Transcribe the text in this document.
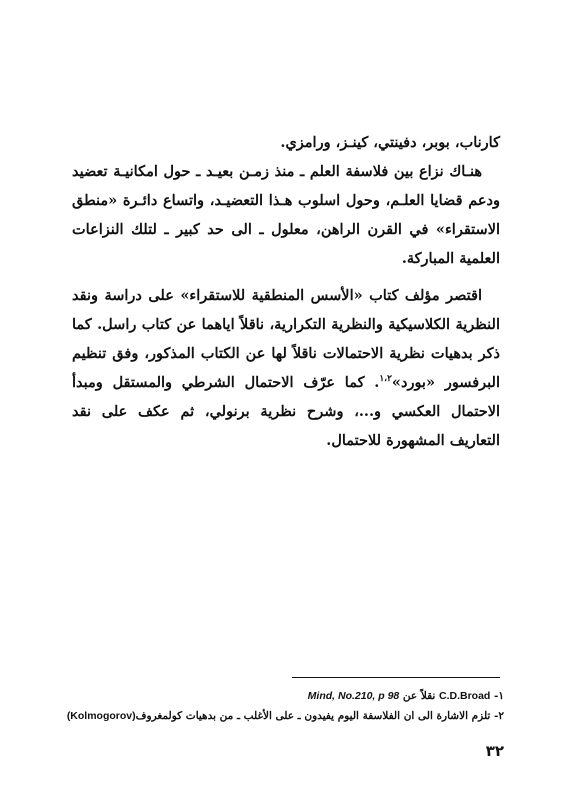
كارناب، بوبر، دفينتي، كينـز، ورامزي.

هنـاك نزاع بين فلاسفة العلم ـ منذ زمـن بعيـد ـ حول امكانيـة تعضيد ودعم قضايا العلـم، وحول اسلوب هـذا التعضيـد، واتساع دائـرة «منطق الاستقراء» في القرن الراهن، معلول ـ الى حد كبير ـ لتلك النزاعات العلمية المباركة.

اقتصر مؤلف كتاب «الأسس المنطقية للاستقراء» على دراسة ونقد النظرية الكلاسيكية والنظرية التكرارية، ناقلاً اياهما عن كتاب راسل. كما ذكر بدهيات نظرية الاحتمالات ناقلاً لها عن الكتاب المذكور، وفق تنظيم البرفسور «بورد»$^{١،٢}$. كما عرّف الاحتمال الشرطي والمستقل ومبدأ الاحتمال العكسي و...، وشرح نظرية برنولي، ثم عكف على نقد التعاريف المشهورة للاحتمال.

١- C.D.Broad نقلاً عن Mind, No.210, p 98

٢- تلزم الاشارة الى ان الفلاسفة اليوم يفيدون ـ على الأغلب ـ من بدهيات كولمغروف(Kolmogorov)

٣٢
